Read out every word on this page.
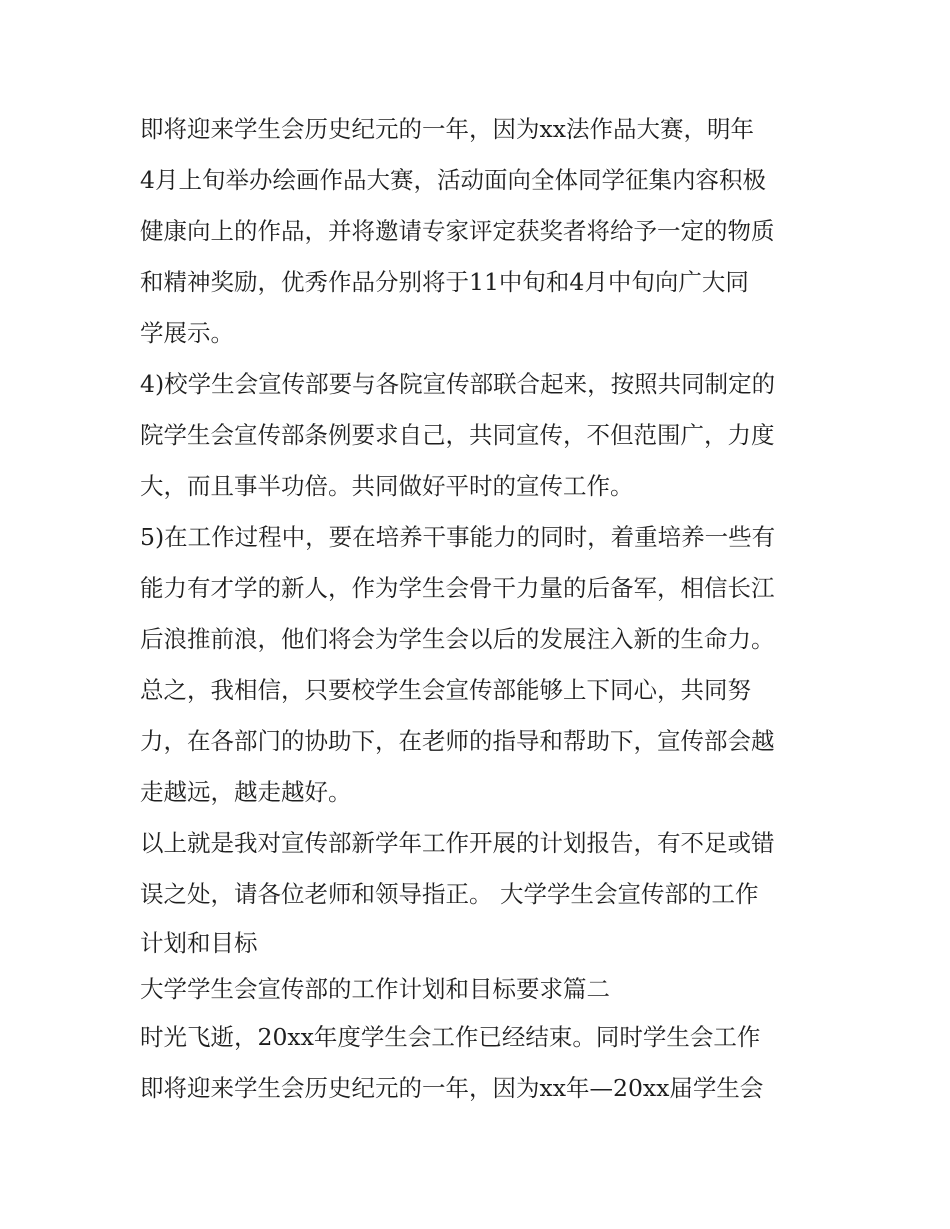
即将迎来学生会历史纪元的一年，因为xx法作品大赛，明年
4月上旬举办绘画作品大赛，活动面向全体同学征集内容积极
健康向上的作品，并将邀请专家评定获奖者将给予一定的物质
和精神奖励，优秀作品分别将于11中旬和4月中旬向广大同
学展示。
4)校学生会宣传部要与各院宣传部联合起来，按照共同制定的
院学生会宣传部条例要求自己，共同宣传，不但范围广，力度
大，而且事半功倍。共同做好平时的宣传工作。
5)在工作过程中，要在培养干事能力的同时，着重培养一些有
能力有才学的新人，作为学生会骨干力量的后备军，相信长江
后浪推前浪，他们将会为学生会以后的发展注入新的生命力。
总之，我相信，只要校学生会宣传部能够上下同心，共同努
力，在各部门的协助下，在老师的指导和帮助下，宣传部会越
走越远，越走越好。
以上就是我对宣传部新学年工作开展的计划报告，有不足或错
误之处，请各位老师和领导指正。 大学学生会宣传部的工作
计划和目标
大学学生会宣传部的工作计划和目标要求篇二
时光飞逝，20xx年度学生会工作已经结束。同时学生会工作
即将迎来学生会历史纪元的一年，因为xx年—20xx届学生会
